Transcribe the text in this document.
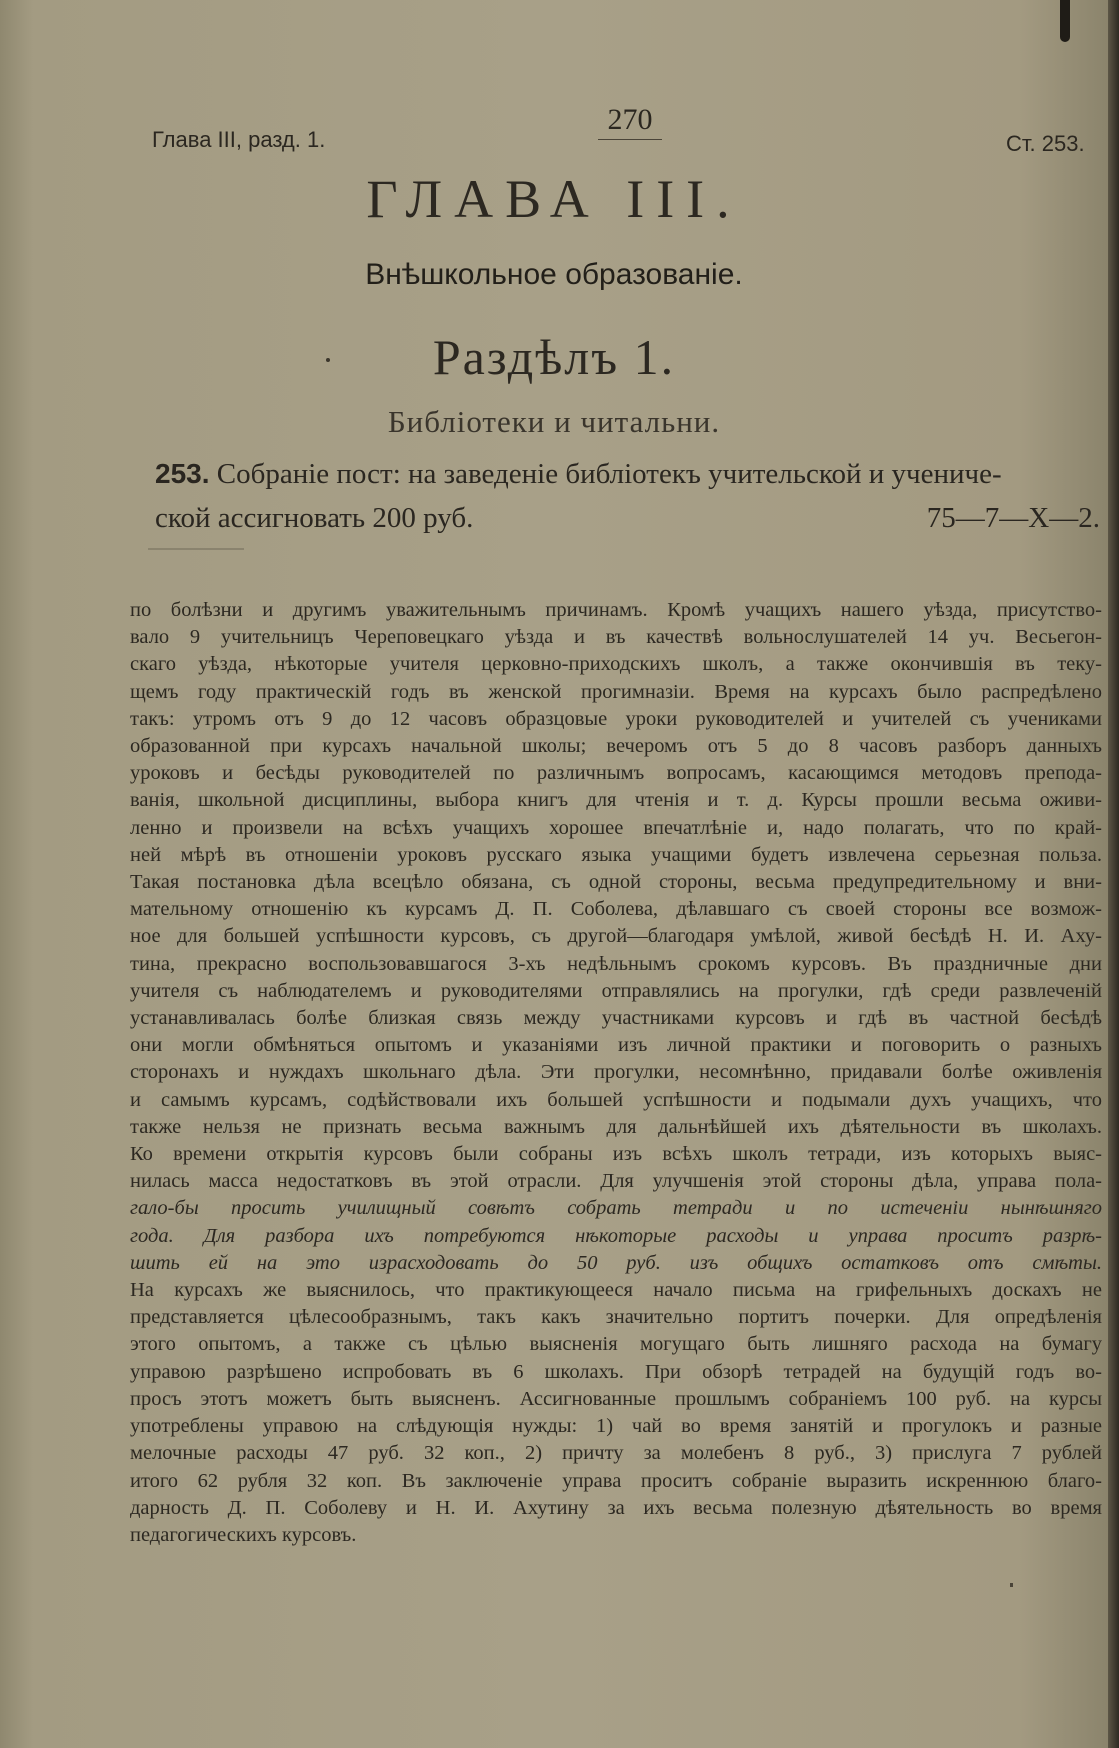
Глава III, разд. 1.
270
Ст. 253.
ГЛАВА III.
Внѣшкольное образованіе.
Раздѣлъ 1.
Библіотеки и читальни.
253. Собраніе пост: на заведеніе библіотекъ учительской и учениче-
ской ассигновать 200 руб.	75—7—X—2.
по болѣзни и другимъ уважительнымъ причинамъ. Кромѣ учащихъ нашего уѣзда, присутство-
вало 9 учительницъ Череповецкаго уѣзда и въ качествѣ вольнослушателей 14 уч. Весьегон-
скаго уѣзда, нѣкоторые учителя церковно-приходскихъ школъ, а также окончившія въ теку-
щемъ году практическій годъ въ женской прогимназіи. Время на курсахъ было распредѣлено
такъ: утромъ отъ 9 до 12 часовъ образцовые уроки руководителей и учителей съ учениками
образованной при курсахъ начальной школы; вечеромъ отъ 5 до 8 часовъ разборъ данныхъ
уроковъ и бесѣды руководителей по различнымъ вопросамъ, касающимся методовъ препода-
ванія, школьной дисциплины, выбора книгъ для чтенія и т. д. Курсы прошли весьма оживи-
ленно и произвели на всѣхъ учащихъ хорошее впечатлѣніе и, надо полагать, что по край-
ней мѣрѣ въ отношеніи уроковъ русскаго языка учащими будетъ извлечена серьезная польза.
Такая постановка дѣла всецѣло обязана, съ одной стороны, весьма предупредительному и вни-
мательному отношенію къ курсамъ Д. П. Соболева, дѣлавшаго съ своей стороны все возмож-
ное для большей успѣшности курсовъ, съ другой—благодаря умѣлой, живой бесѣдѣ Н. И. Аху-
тина, прекрасно воспользовавшагося 3-хъ недѣльнымъ срокомъ курсовъ. Въ праздничные дни
учителя съ наблюдателемъ и руководителями отправлялись на прогулки, гдѣ среди развлеченій
устанавливалась болѣе близкая связь между участниками курсовъ и гдѣ въ частной бесѣдѣ
они могли обмѣняться опытомъ и указаніями изъ личной практики и поговорить о разныхъ
сторонахъ и нуждахъ школьнаго дѣла. Эти прогулки, несомнѣнно, придавали болѣе оживленія
и самымъ курсамъ, содѣйствовали ихъ большей успѣшности и подымали духъ учащихъ, что
также нельзя не признать весьма важнымъ для дальнѣйшей ихъ дѣятельности въ школахъ.
Ко времени открытія курсовъ были собраны изъ всѣхъ школъ тетради, изъ которыхъ выяс-
нилась масса недостатковъ въ этой отрасли. Для улучшенія этой стороны дѣла, управа пола-
гало-бы просить училищный совѣтъ собрать тетради и по истеченіи нынѣшняго
года. Для разбора ихъ потребуются нѣкоторые расходы и управа проситъ разрѣ-
шить ей на это израсходовать до 50 руб. изъ общихъ остатковъ отъ смѣты.
На курсахъ же выяснилось, что практикующееся начало письма на грифельныхъ доскахъ не
представляется цѣлесообразнымъ, такъ какъ значительно портитъ почерки. Для опредѣленія
этого опытомъ, а также съ цѣлью выясненія могущаго быть лишняго расхода на бумагу
управою разрѣшено испробовать въ 6 школахъ. При обзорѣ тетрадей на будущій годъ во-
просъ этотъ можетъ быть выясненъ. Ассигнованные прошлымъ собраніемъ 100 руб. на курсы
употреблены управою на слѣдующія нужды: 1) чай во время занятій и прогулокъ и разные
мелочные расходы 47 руб. 32 коп., 2) причту за молебенъ 8 руб., 3) прислуга 7 рублей
итого 62 рубля 32 коп. Въ заключеніе управа проситъ собраніе выразить искреннюю благо-
дарность Д. П. Соболеву и Н. И. Ахутину за ихъ весьма полезную дѣятельность во время
педагогическихъ курсовъ.
